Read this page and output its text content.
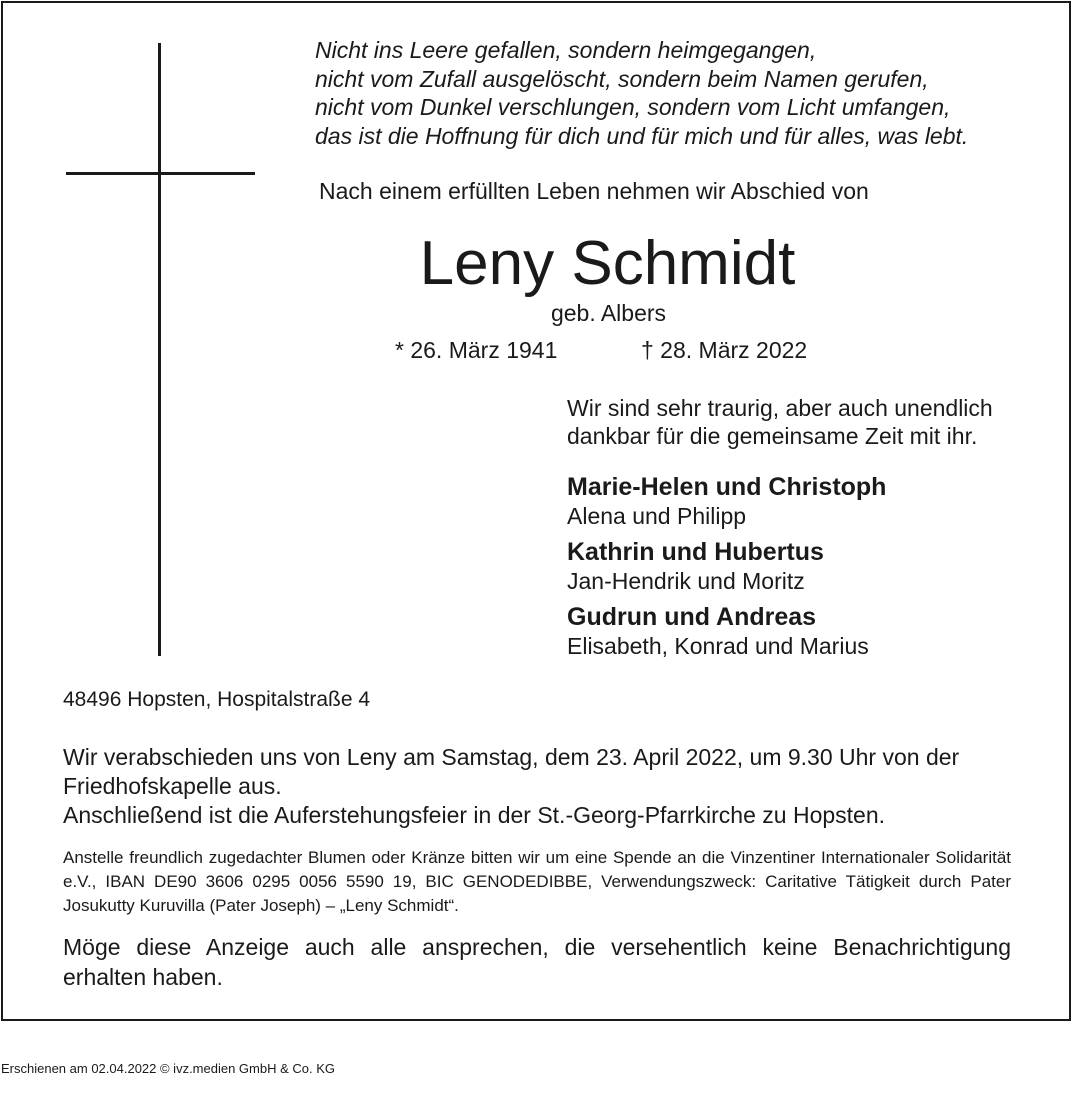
Nicht ins Leere gefallen, sondern heimgegangen,
nicht vom Zufall ausgelöscht, sondern beim Namen gerufen,
nicht vom Dunkel verschlungen, sondern vom Licht umfangen,
das ist die Hoffnung für dich und für mich und für alles, was lebt.
Nach einem erfüllten Leben nehmen wir Abschied von
Leny Schmidt
geb. Albers
* 26. März 1941	† 28. März 2022
Wir sind sehr traurig, aber auch unendlich
dankbar für die gemeinsame Zeit mit ihr.
Marie-Helen und Christoph
Alena und Philipp
Kathrin und Hubertus
Jan-Hendrik und Moritz
Gudrun und Andreas
Elisabeth, Konrad und Marius
48496 Hopsten, Hospitalstraße 4

Wir verabschieden uns von Leny am Samstag, dem 23. April 2022, um 9.30 Uhr von der Friedhofskapelle aus.

Anschließend ist die Auferstehungsfeier in der St.-Georg-Pfarrkirche zu Hopsten.

Anstelle freundlich zugedachter Blumen oder Kränze bitten wir um eine Spende an die Vinzentiner Internationaler Solidarität e.V., IBAN DE90 3606 0295 0056 5590 19, BIC GENODEDIBBE, Verwendungszweck: Caritative Tätigkeit durch Pater Josukutty Kuruvilla (Pater Joseph) – „Leny Schmidt“.
Möge diese Anzeige auch alle ansprechen, die versehentlich keine Benachrichtigung erhalten haben.
Erschienen am 02.04.2022 © ivz.medien GmbH & Co. KG
